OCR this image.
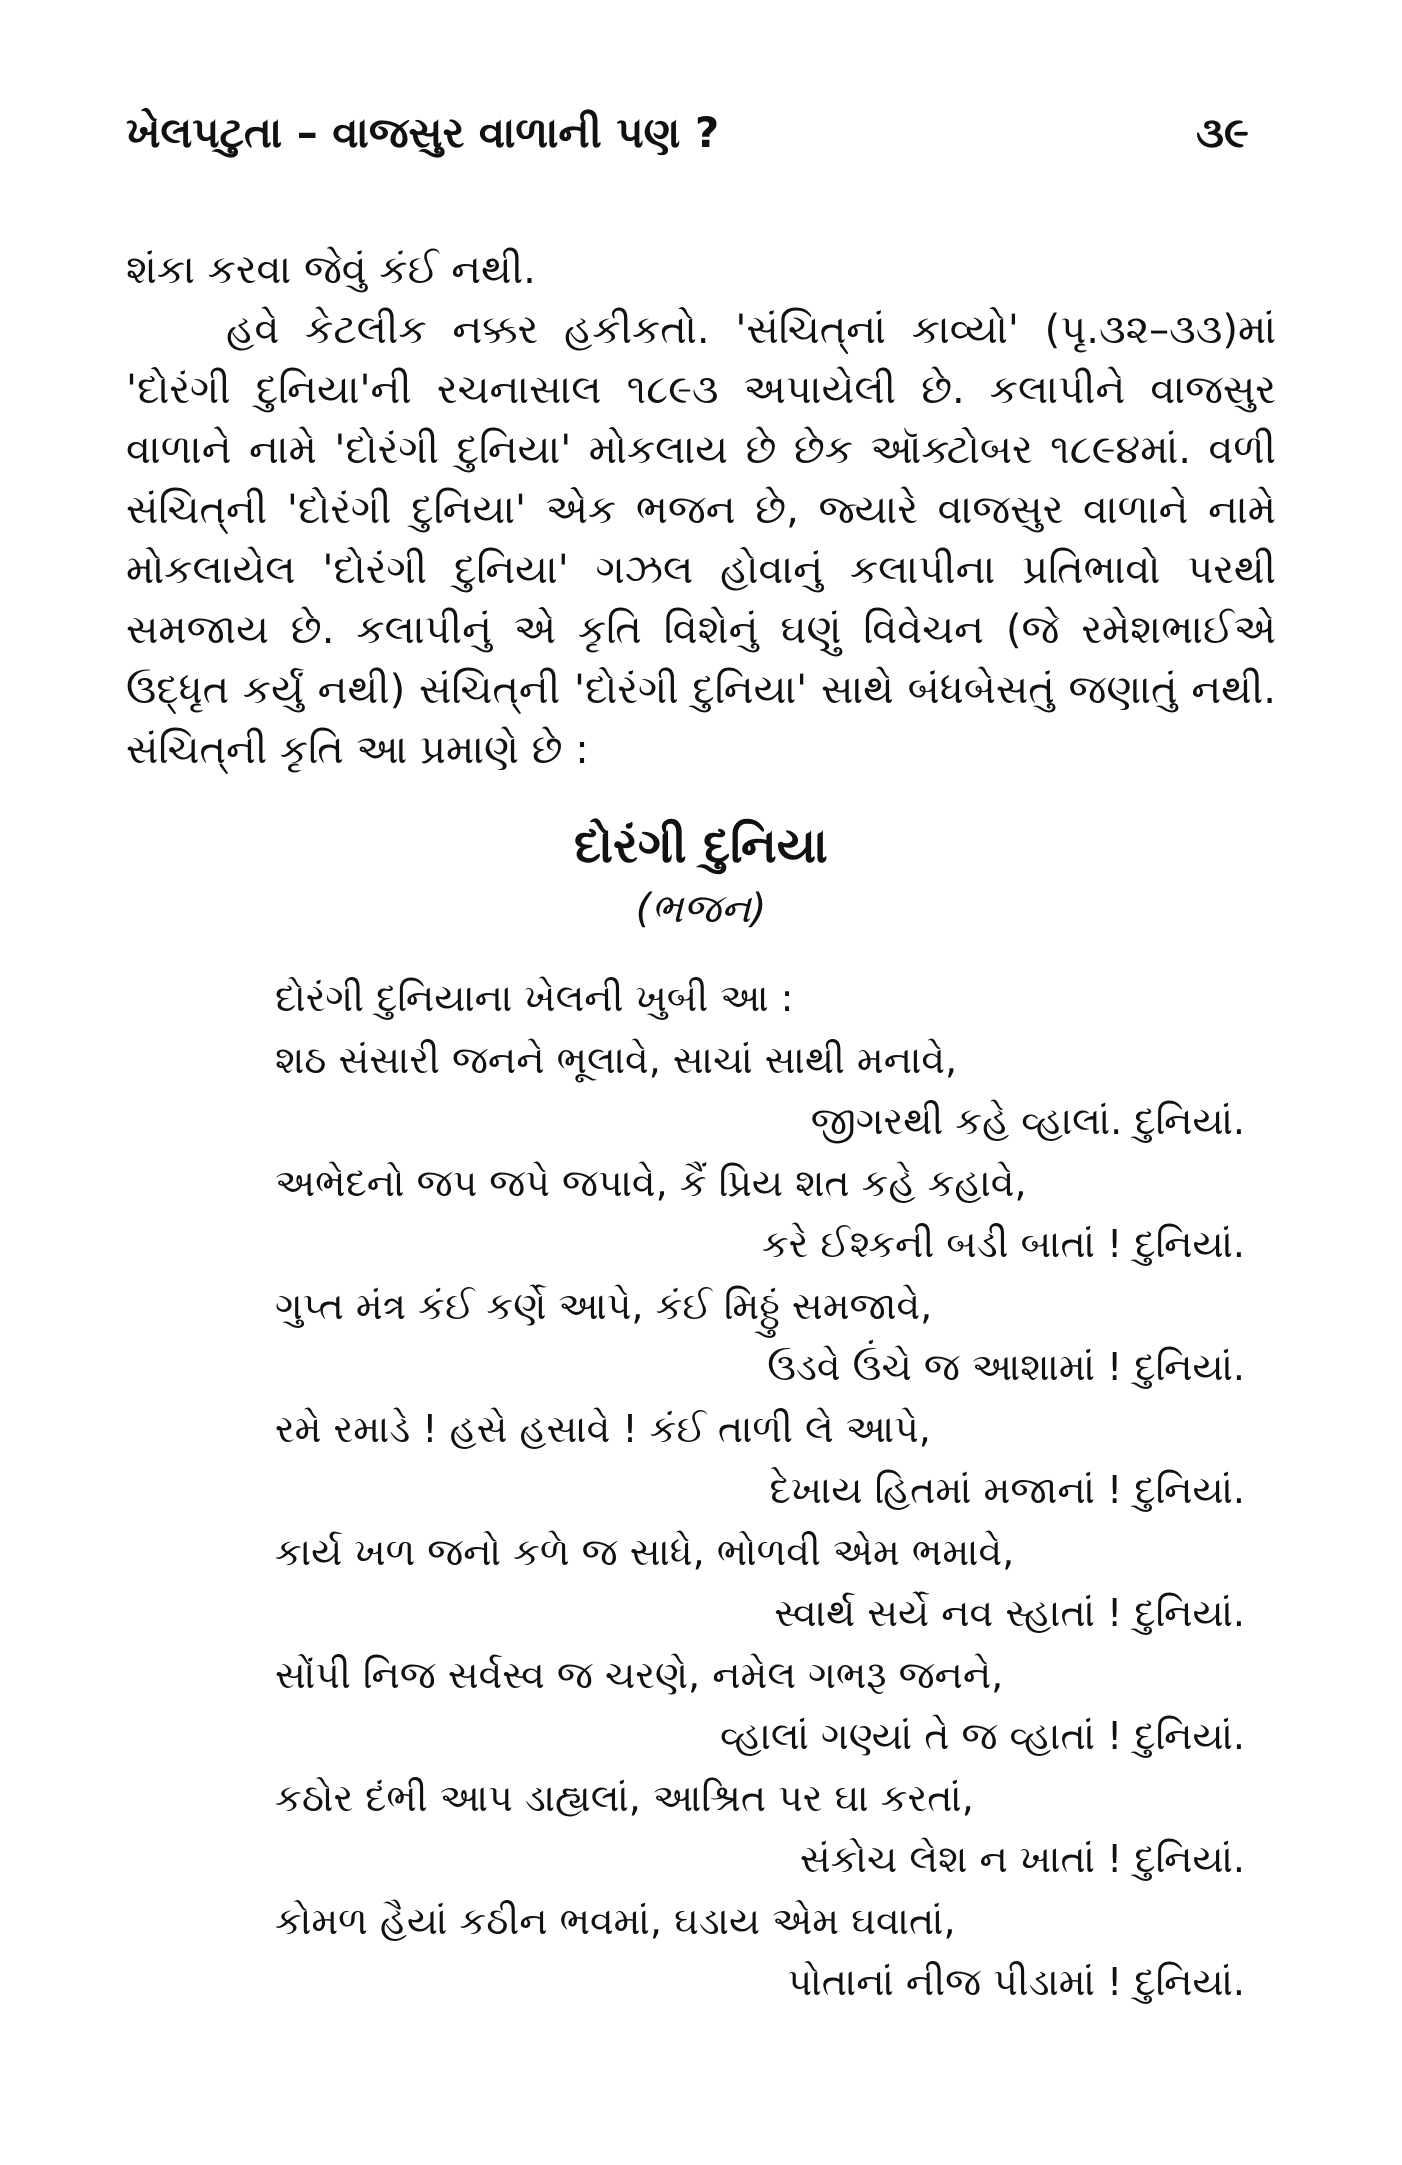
ખેલપટુતા – વાજસુર વાળાની પણ ?	૩૯

શંકા કરવા જેવું કંઈ નથી.

હવે કેટલીક નક્કર હકીકતો. 'સંચિત્‌નાં કાવ્યો' (પૃ.૩૨–૩૩)માં 'દોરંગી દુનિયા'ની રચનાસાલ ૧૮૯૩ અપાયેલી છે. કલાપીને વાજસુર વાળાને નામે 'દોરંગી દુનિયા' મોકલાય છે છેક ઑક્ટોબર ૧૮૯૪માં. વળી સંચિત્‌ની 'દોરંગી દુનિયા' એક ભજન છે, જ્યારે વાજસુર વાળાને નામે મોકલાયેલ 'દોરંગી દુનિયા' ગઝલ હોવાનું કલાપીના પ્રતિભાવો પરથી સમજાય છે. કલાપીનું એ કૃતિ વિશેનું ઘણું વિવેચન (જે રમેશભાઈએ ઉદ્ધૃત કર્યું નથી) સંચિત્‌ની 'દોરંગી દુનિયા' સાથે બંધબેસતું જણાતું નથી. સંચિત્‌ની કૃતિ આ પ્રમાણે છે :

દોરંગી દુનિયા
(ભજન)
દોરંગી દુનિયાના ખેલની ખુબી આ :
શઠ સંસારી જનને ભૂલાવે, સાચાં સાથી મનાવે,
જીગરથી કહે વ્હાલાં. દુનિયાં.
અભેદનો જપ જપે જપાવે, કૈં પ્રિય શત કહે કહાવે,
કરે ઈશ્કની બડી બાતાં ! દુનિયાં.
ગુપ્ત મંત્ર કંઈ કર્ણે આપે, કંઈ મિઠ્ઠું સમજાવે,
ઉડવે ઉંચે જ આશામાં ! દુનિયાં.
રમે રમાડે ! હસે હસાવે ! કંઈ તાળી લે આપે,
દેખાય હિતમાં મજાનાં ! દુનિયાં.
કાર્ય ખળ જનો કળે જ સાધે, ભોળવી એમ ભમાવે,
સ્વાર્થ સર્યે નવ સ્હાતાં ! દુનિયાં.
સોંપી નિજ સર્વસ્વ જ ચરણે, નમેલ ગભરૂ જનને,
વ્હાલાં ગણ્યાં તે જ વ્હાતાં ! દુનિયાં.
કઠોર દંભી આપ ડાહ્યલાં, આશ્રિત પર ઘા કરતાં,
સંકોચ લેશ ન ખાતાં ! દુનિયાં.
કોમળ હૈયાં કઠીન ભવમાં, ઘડાય એમ ઘવાતાં,
પોતાનાં નીજ પીડામાં ! દુનિયાં.
